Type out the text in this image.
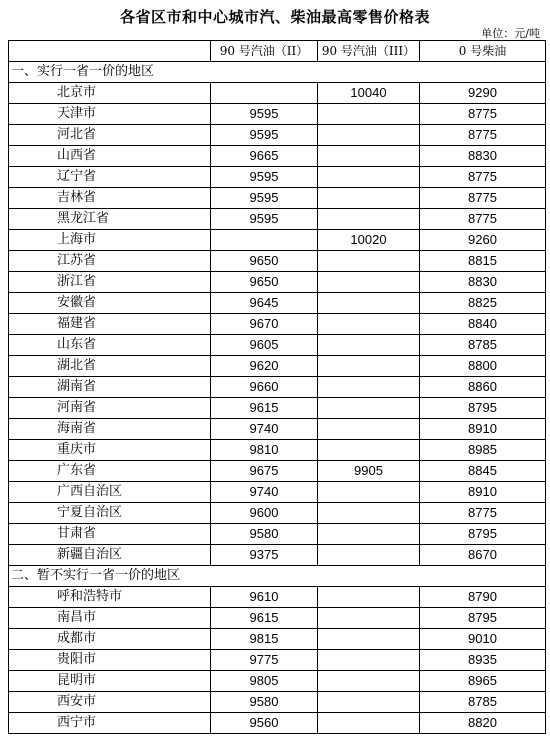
各省区市和中心城市汽、柴油最高零售价格表
单位：元/吨
	90 号汽油（II）	90 号汽油（III）	0 号柴油
一、实行一省一价的地区			
北京市		10040	9290
天津市	9595		8775
河北省	9595		8775
山西省	9665		8830
辽宁省	9595		8775
吉林省	9595		8775
黑龙江省	9595		8775
上海市		10020	9260
江苏省	9650		8815
浙江省	9650		8830
安徽省	9645		8825
福建省	9670		8840
山东省	9605		8785
湖北省	9620		8800
湖南省	9660		8860
河南省	9615		8795
海南省	9740		8910
重庆市	9810		8985
广东省	9675	9905	8845
广西自治区	9740		8910
宁夏自治区	9600		8775
甘肃省	9580		8795
新疆自治区	9375		8670
二、暂不实行一省一价的地区			
呼和浩特市	9610		8790
南昌市	9615		8795
成都市	9815		9010
贵阳市	9775		8935
昆明市	9805		8965
西安市	9580		8785
西宁市	9560		8820
